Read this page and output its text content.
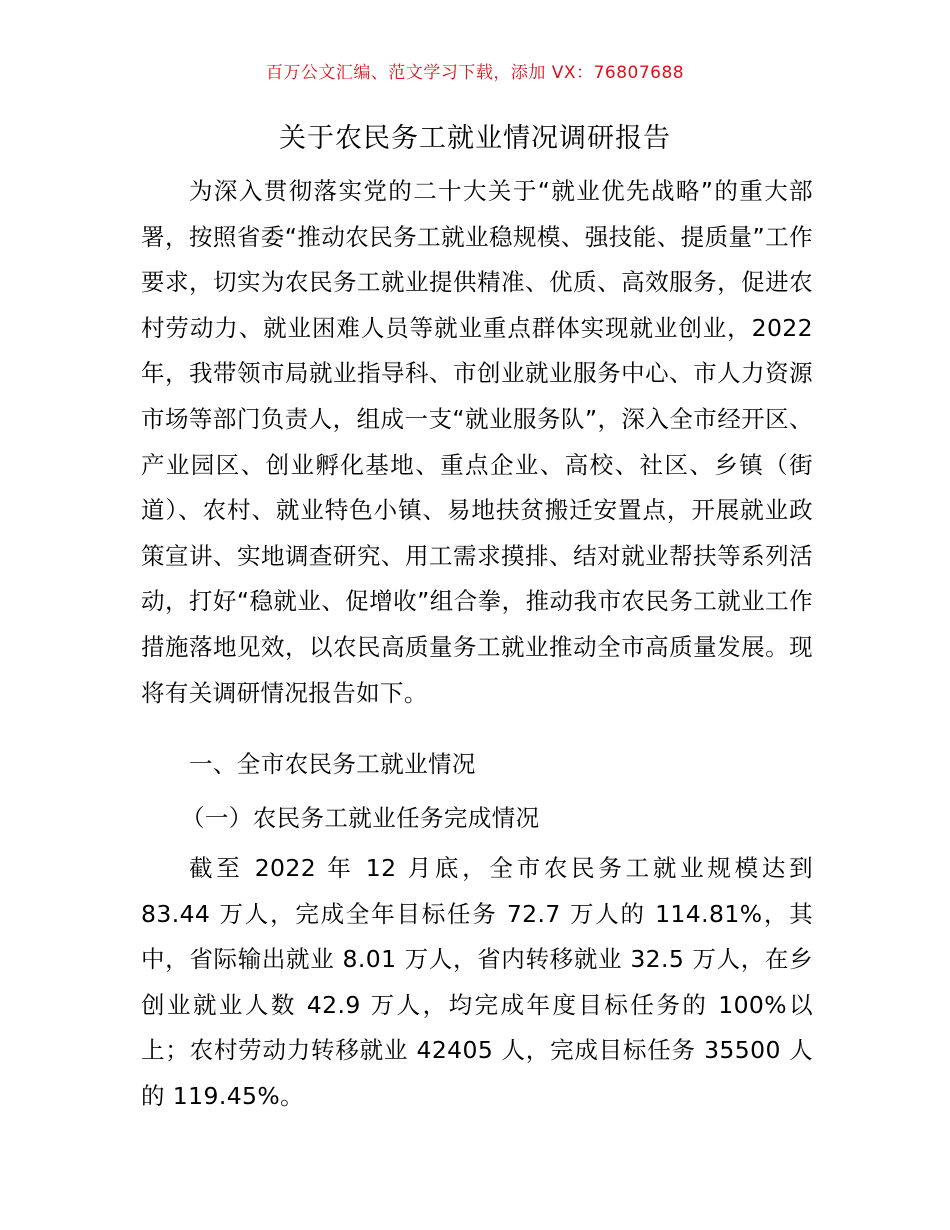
百万公文汇编、范文学习下载，添加 VX：76807688
关于农民务工就业情况调研报告

为深入贯彻落实党的二十大关于“就业优先战略”的重大部署，按照省委“推动农民务工就业稳规模、强技能、提质量”工作要求，切实为农民务工就业提供精准、优质、高效服务，促进农村劳动力、就业困难人员等就业重点群体实现就业创业，2022 年，我带领市局就业指导科、市创业就业服务中心、市人力资源市场等部门负责人，组成一支“就业服务队”，深入全市经开区、产业园区、创业孵化基地、重点企业、高校、社区、乡镇（街道）、农村、就业特色小镇、易地扶贫搬迁安置点，开展就业政策宣讲、实地调查研究、用工需求摸排、结对就业帮扶等系列活动，打好“稳就业、促增收”组合拳，推动我市农民务工就业工作措施落地见效，以农民高质量务工就业推动全市高质量发展。现将有关调研情况报告如下。

一、全市农民务工就业情况

（一）农民务工就业任务完成情况

截至 2022 年 12 月底，全市农民务工就业规模达到 83.44 万人，完成全年目标任务 72.7 万人的 114.81%，其中，省际输出就业 8.01 万人，省内转移就业 32.5 万人，在乡创业就业人数 42.9 万人，均完成年度目标任务的 100%以上；农村劳动力转移就业 42405 人，完成目标任务 35500 人的 119.45%。
